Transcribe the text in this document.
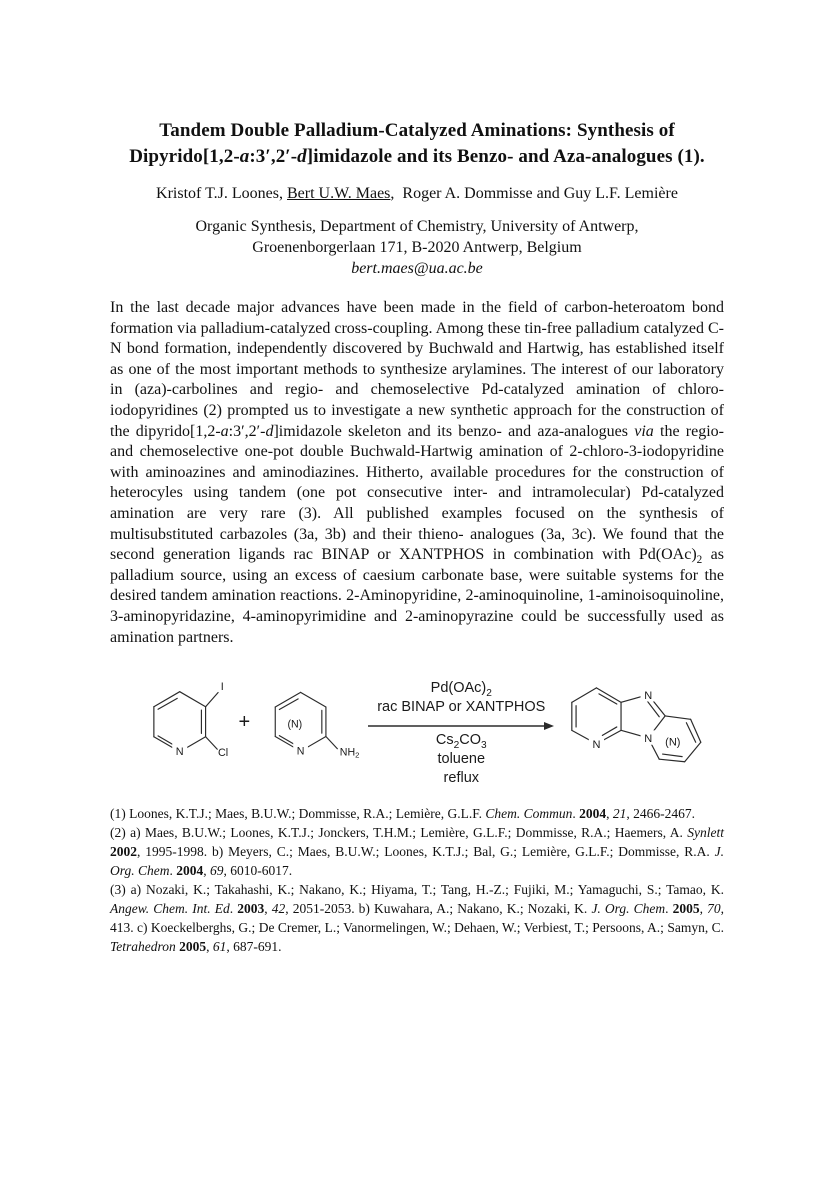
Tandem Double Palladium-Catalyzed Aminations: Synthesis of
Dipyrido[1,2-a:3′,2′-d]imidazole and its Benzo- and Aza-analogues (1).

Kristof T.J. Loones, Bert U.W. Maes,  Roger A. Dommisse and Guy L.F. Lemière

Organic Synthesis, Department of Chemistry, University of Antwerp,
Groenenborgerlaan 171, B-2020 Antwerp, Belgium
bert.maes@ua.ac.be

In the last decade major advances have been made in the field of carbon-heteroatom bond formation via palladium-catalyzed cross-coupling. Among these tin-free palladium catalyzed C-N bond formation, independently discovered by Buchwald and Hartwig, has established itself as one of the most important methods to synthesize arylamines. The interest of our laboratory in (aza)-carbolines and regio- and chemoselective Pd-catalyzed amination of chloro-iodopyridines (2) prompted us to investigate a new synthetic approach for the construction of the dipyrido[1,2-a:3′,2′-d]imidazole skeleton and its benzo- and aza-analogues via the regio- and chemoselective one-pot double Buchwald-Hartwig amination of 2-chloro-3-iodopyridine with aminoazines and aminodiazines. Hitherto, available procedures for the construction of heterocyles using tandem (one pot consecutive inter- and intramolecular) Pd-catalyzed amination are very rare (3). All published examples focused on the synthesis of multisubstituted carbazoles (3a, 3b) and their thieno- analogues (3a, 3c). We found that the second generation ligands rac BINAP or XANTPHOS in combination with $Pd(OAc)_2$ as palladium source, using an excess of caesium carbonate base, were suitable systems for the desired tandem amination reactions. 2-Aminopyridine, 2-aminoquinoline, 1-aminoisoquinoline, 3-aminopyridazine, 4-aminopyrimidine and 2-aminopyrazine could be successfully used as amination partners.

N
I
Cl
+
N
(N)
$NH_2$
$Pd(OAc)_2$
rac BINAP or XANTPHOS
$Cs_2CO_3$
toluene
reflux
N
N
N	(N)

(1) Loones, K.T.J.; Maes, B.U.W.; Dommisse, R.A.; Lemière, G.L.F. Chem. Commun. 2004, 21, 2466-2467.

(2) a) Maes, B.U.W.; Loones, K.T.J.; Jonckers, T.H.M.; Lemière, G.L.F.; Dommisse, R.A.; Haemers, A. Synlett 2002, 1995-1998. b) Meyers, C.; Maes, B.U.W.; Loones, K.T.J.; Bal, G.; Lemière, G.L.F.; Dommisse, R.A. J. Org. Chem. 2004, 69, 6010-6017.

(3) a) Nozaki, K.; Takahashi, K.; Nakano, K.; Hiyama, T.; Tang, H.-Z.; Fujiki, M.; Yamaguchi, S.; Tamao, K. Angew. Chem. Int. Ed. 2003, 42, 2051-2053. b) Kuwahara, A.; Nakano, K.; Nozaki, K. J. Org. Chem. 2005, 70, 413. c) Koeckelberghs, G.; De Cremer, L.; Vanormelingen, W.; Dehaen, W.; Verbiest, T.; Persoons, A.; Samyn, C. Tetrahedron 2005, 61, 687-691.
